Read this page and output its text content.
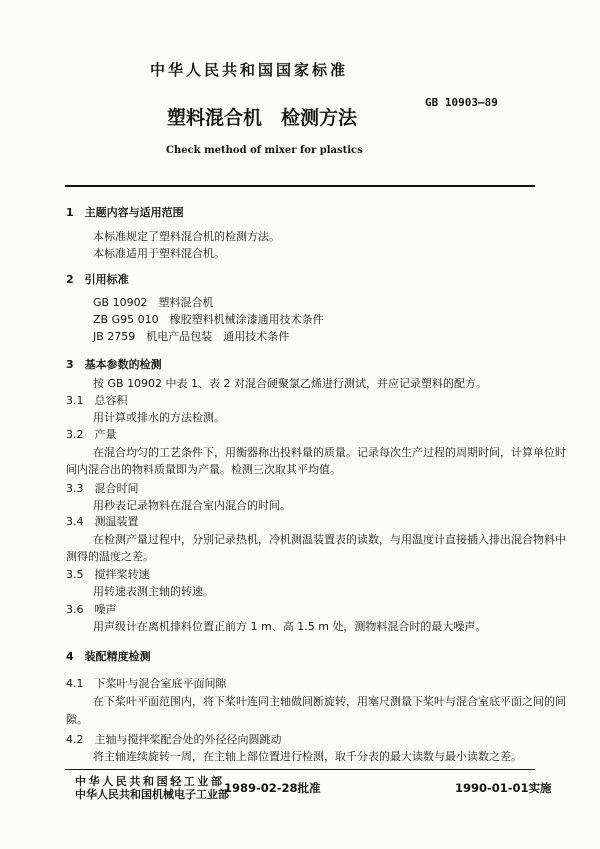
中华人民共和国国家标准
GB 10903—89
塑料混合机　检测方法
Check method of mixer for plastics
1　主题内容与适用范围
本标准规定了塑料混合机的检测方法。
本标准适用于塑料混合机。
2　引用标准
GB 10902　塑料混合机
ZB G95 010　橡胶塑料机械涂漆通用技术条件
JB 2759　机电产品包装　通用技术条件
3　基本参数的检测
按 GB 10902 中表 1、表 2 对混合硬聚氯乙烯进行测试，并应记录塑料的配方。
3.1　总容积
用计算或排水的方法检测。
3.2　产量
在混合均匀的工艺条件下，用衡器称出投料量的质量。记录每次生产过程的周期时间，计算单位时
间内混合出的物料质量即为产量。检测三次取其平均值。
3.3　混合时间
用秒表记录物料在混合室内混合的时间。
3.4　测温装置
在检测产量过程中，分别记录热机，冷机测温装置表的读数，与用温度计直接插入排出混合物料中
测得的温度之差。
3.5　搅拌桨转速
用转速表测主轴的转速。
3.6　噪声
用声级计在离机排料位置正前方 1 m、高 1.5 m 处，测物料混合时的最大噪声。
4　装配精度检测
4.1　下桨叶与混合室底平面间隙
在下桨叶平面范围内，将下桨叶连同主轴做间断旋转，用塞尺测量下桨叶与混合室底平面之间的间
隙。
4.2　主轴与搅拌桨配合处的外径径向圆跳动
将主轴连续旋转一周，在主轴上部位置进行检测，取千分表的最大读数与最小读数之差。
中华人民共和国轻工业部
中华人民共和国机械电子工业部
1989-02-28批准	1990-01-01实施
